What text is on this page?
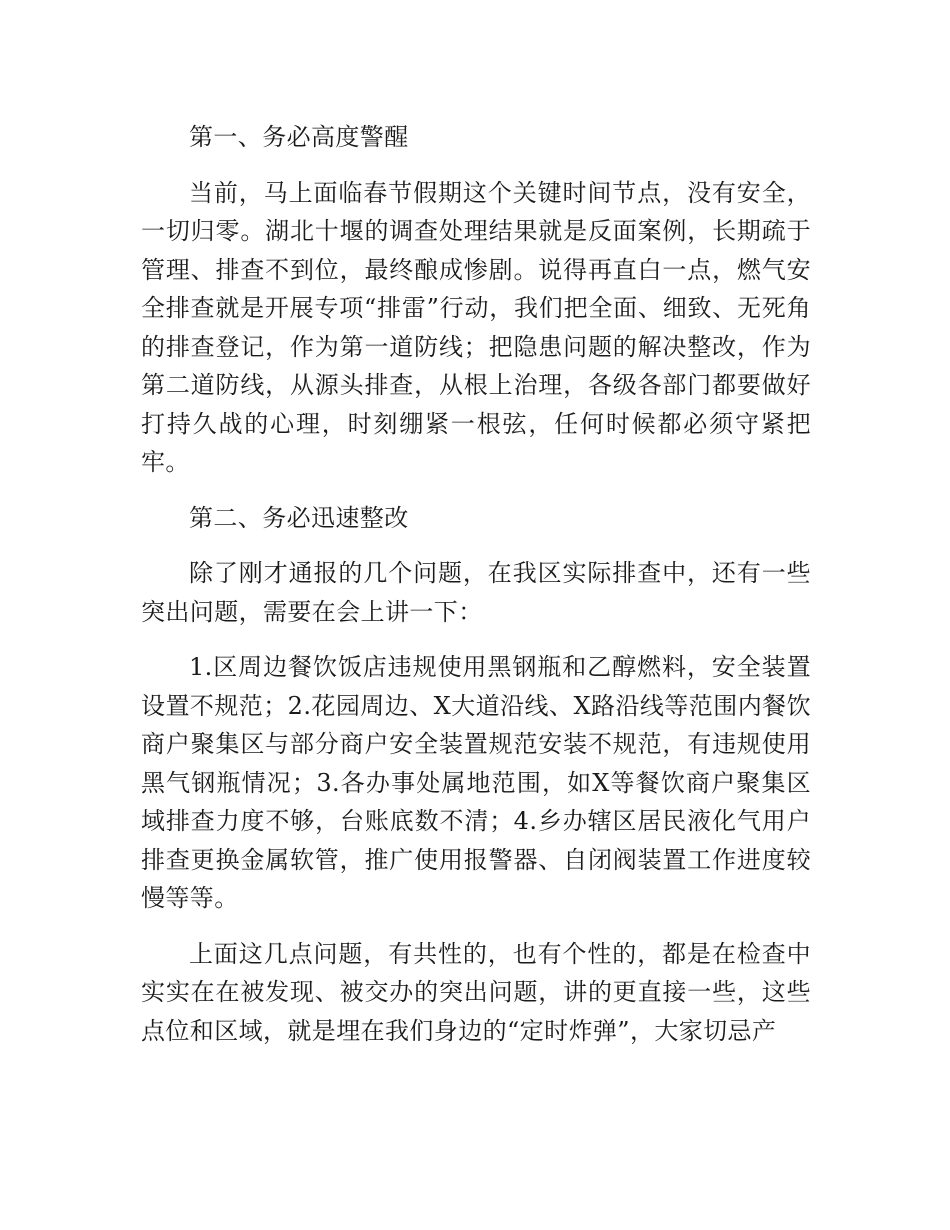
第一、务必高度警醒

当前，马上面临春节假期这个关键时间节点，没有安全，一切归零。湖北十堰的调查处理结果就是反面案例，长期疏于管理、排查不到位，最终酿成惨剧。说得再直白一点，燃气安全排查就是开展专项“排雷”行动，我们把全面、细致、无死角的排查登记，作为第一道防线；把隐患问题的解决整改，作为第二道防线，从源头排查，从根上治理，各级各部门都要做好打持久战的心理，时刻绷紧一根弦，任何时候都必须守紧把牢。

第二、务必迅速整改

除了刚才通报的几个问题，在我区实际排查中，还有一些突出问题，需要在会上讲一下：

1.区周边餐饮饭店违规使用黑钢瓶和乙醇燃料，安全装置设置不规范；2.花园周边、X大道沿线、X路沿线等范围内餐饮商户聚集区与部分商户安全装置规范安装不规范，有违规使用黑气钢瓶情况；3.各办事处属地范围，如X等餐饮商户聚集区域排查力度不够，台账底数不清；4.乡办辖区居民液化气用户排查更换金属软管，推广使用报警器、自闭阀装置工作进度较慢等等。

上面这几点问题，有共性的，也有个性的，都是在检查中实实在在被发现、被交办的突出问题，讲的更直接一些，这些点位和区域，就是埋在我们身边的“定时炸弹”，大家切忌产
